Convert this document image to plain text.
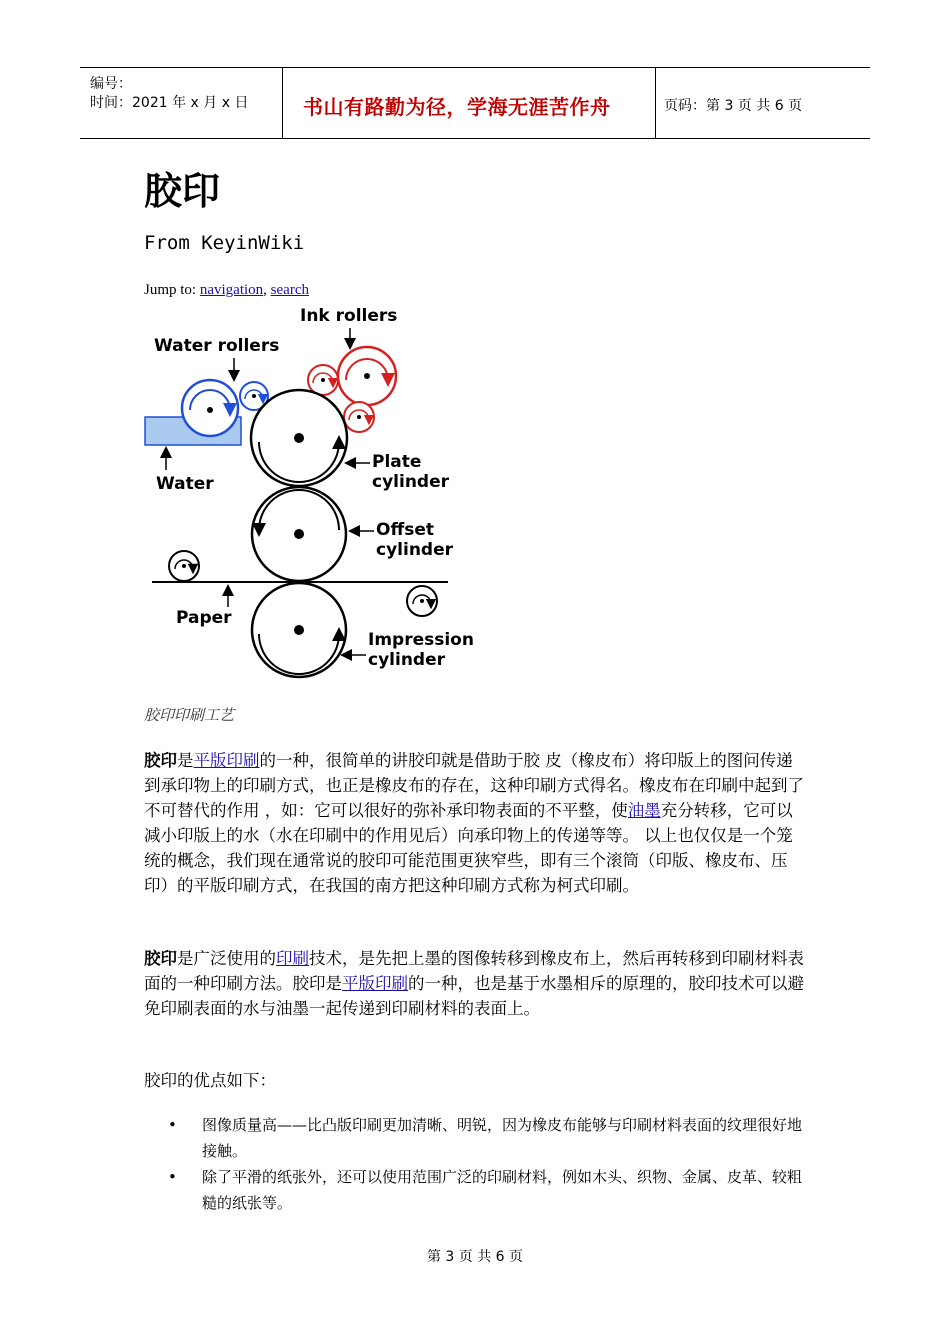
编号：
时间：2021 年 x 月 x 日	书山有路勤为径，学海无涯苦作舟	页码：第 3 页 共 6 页
胶印
From KeyinWiki
Jump to: navigation, search
Ink rollers
Water rollers
Water
Plate
cylinder
Offset
cylinder
Paper
Impression
cylinder
胶印印刷工艺
胶印是平版印刷的一种，很简单的讲胶印就是借助于胶 皮（橡皮布）将印版上的图问传递到承印物上的印刷方式，也正是橡皮布的存在，这种印刷方式得名。橡皮布在印刷中起到了不可替代的作用 ，如：它可以很好的弥补承印物表面的不平整，使油墨充分转移，它可以减小印版上的水（水在印刷中的作用见后）向承印物上的传递等等。 以上也仅仅是一个笼统的概念，我们现在通常说的胶印可能范围更狭窄些，即有三个滚筒（印版、橡皮布、压印）的平版印刷方式，在我国的南方把这种印刷方式称为柯式印刷。
胶印是广泛使用的印刷技术，是先把上墨的图像转移到橡皮布上，然后再转移到印刷材料表面的一种印刷方法。胶印是平版印刷的一种，也是基于水墨相斥的原理的，胶印技术可以避免印刷表面的水与油墨一起传递到印刷材料的表面上。
胶印的优点如下：
• 图像质量高——比凸版印刷更加清晰、明锐，因为橡皮布能够与印刷材料表面的纹理很好地接触。
• 除了平滑的纸张外，还可以使用范围广泛的印刷材料，例如木头、织物、金属、皮革、较粗糙的纸张等。
第 3 页 共 6 页
